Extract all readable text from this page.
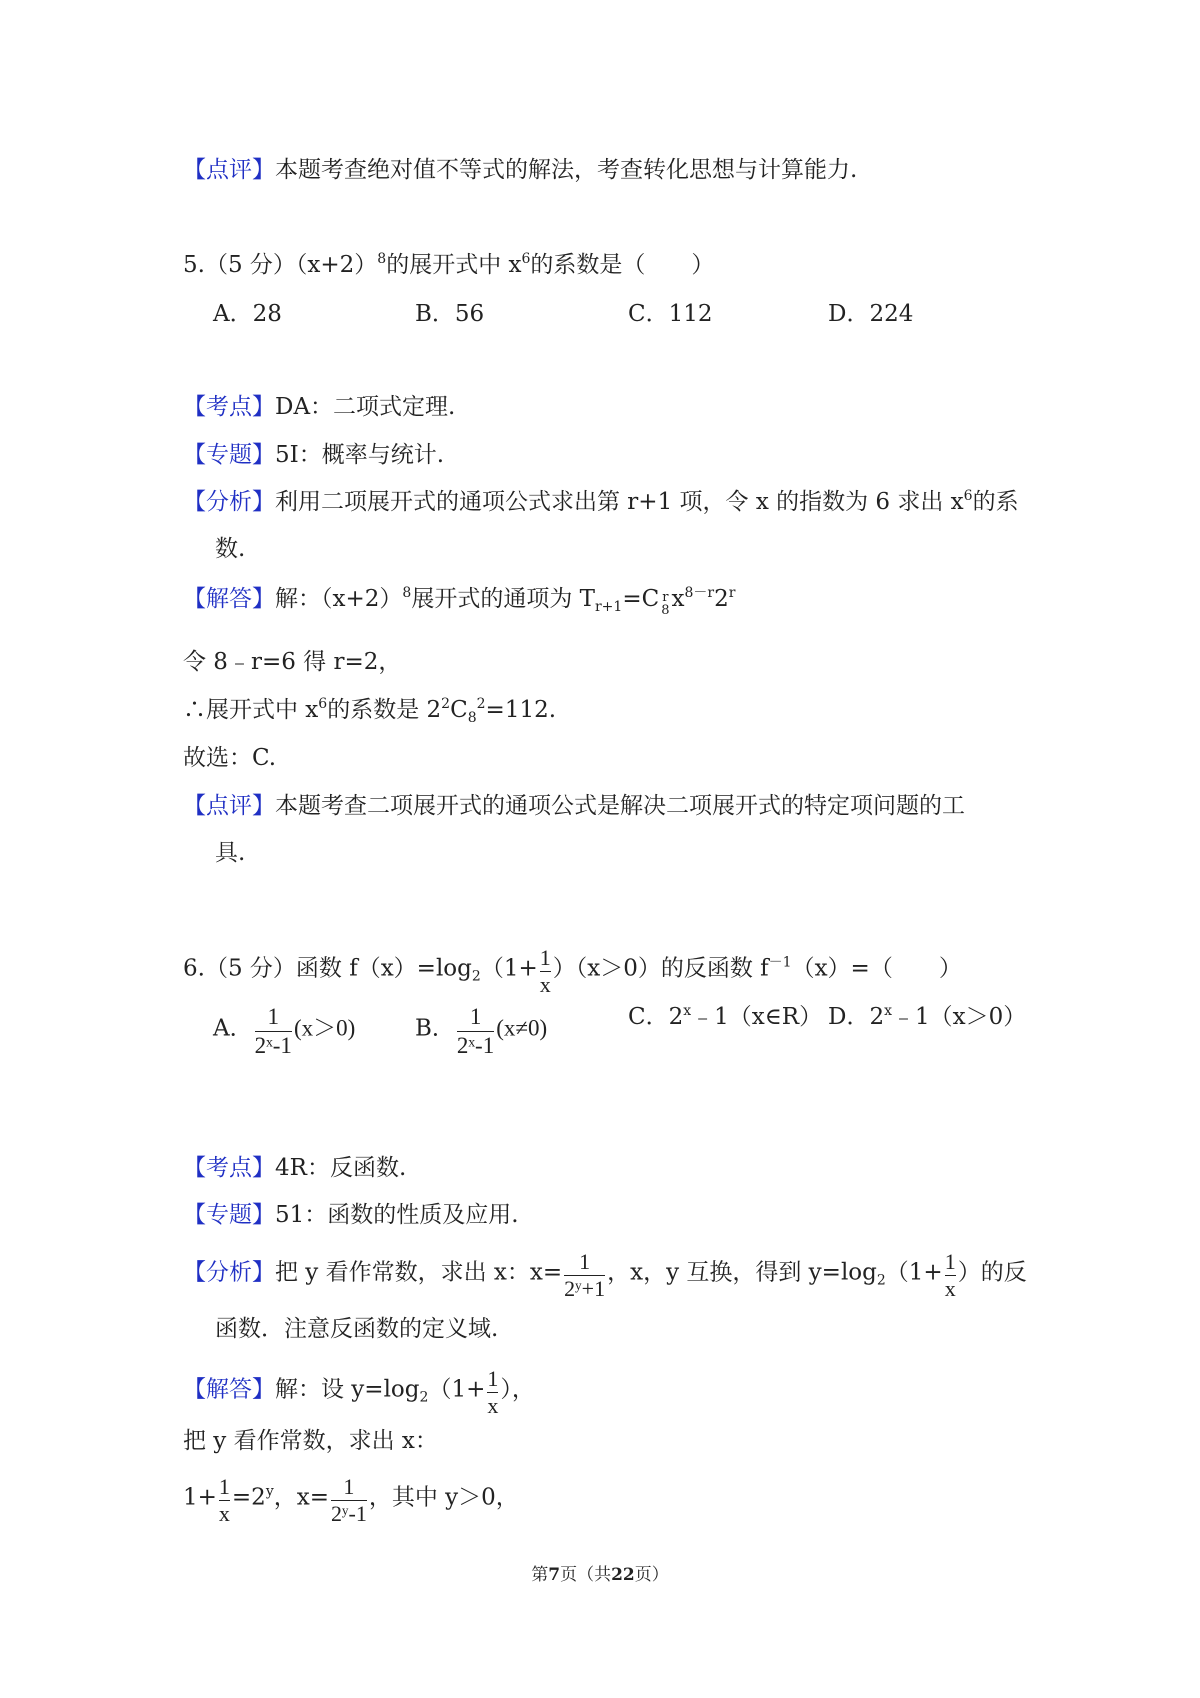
【点评】本题考查绝对值不等式的解法，考查转化思想与计算能力.
5.（5 分）$(x+2)^8$的展开式中 $x^6$的系数是（　　）
A．28	B．56	C．112	D．224
【考点】DA：二项式定理.
【专题】5I：概率与统计.
【分析】利用二项展开式的通项公式求出第 r+1 项，令 x 的指数为 6 求出 $x^6$的系
数.
【解答】解：$(x+2)^8$展开式的通项为 $T_{r+1}=C$ r
8 $x^{8-r}2^r$
令 8﹣r=6 得 r=2，
∴展开式中 $x^6$的系数是 $2^2C_8^2=112$.
故选：C.
【点评】本题考查二项展开式的通项公式是解决二项展开式的特定项问题的工
具.
6.（5 分）函数 $f(x)=\log_2(1+ \frac{1}{x} )(x>0)$的反函数 $f^{-1}(x)=$（　　）
A． $\frac{1}{\text{2ˣ-1}} (x>0)$	B． $\frac{1}{\text{2ˣ-1}} (x\ne 0)$	C．2$^x$﹣1（x∈R） D．$2^x﹣1(x>0)$
【考点】4R：反函数.
【专题】51：函数的性质及应用.
【分析】把 y 看作常数，求出 x：$x= \frac{1}{\text{2ʸ+1}}$ ，x，y 互换，得到 $y=\log_2(1+ \frac{1}{x}$ ）的反
函数．注意反函数的定义域.
【解答】解：设 $y=\log_2(1+ \frac{1}{x}$ ），
把 y 看作常数，求出 x：
$1+ \frac{1}{x} =2^y$，$x= \frac{1}{\text{2ʸ-1}}$ ，其中 y＞0，
第7页（共22页）
